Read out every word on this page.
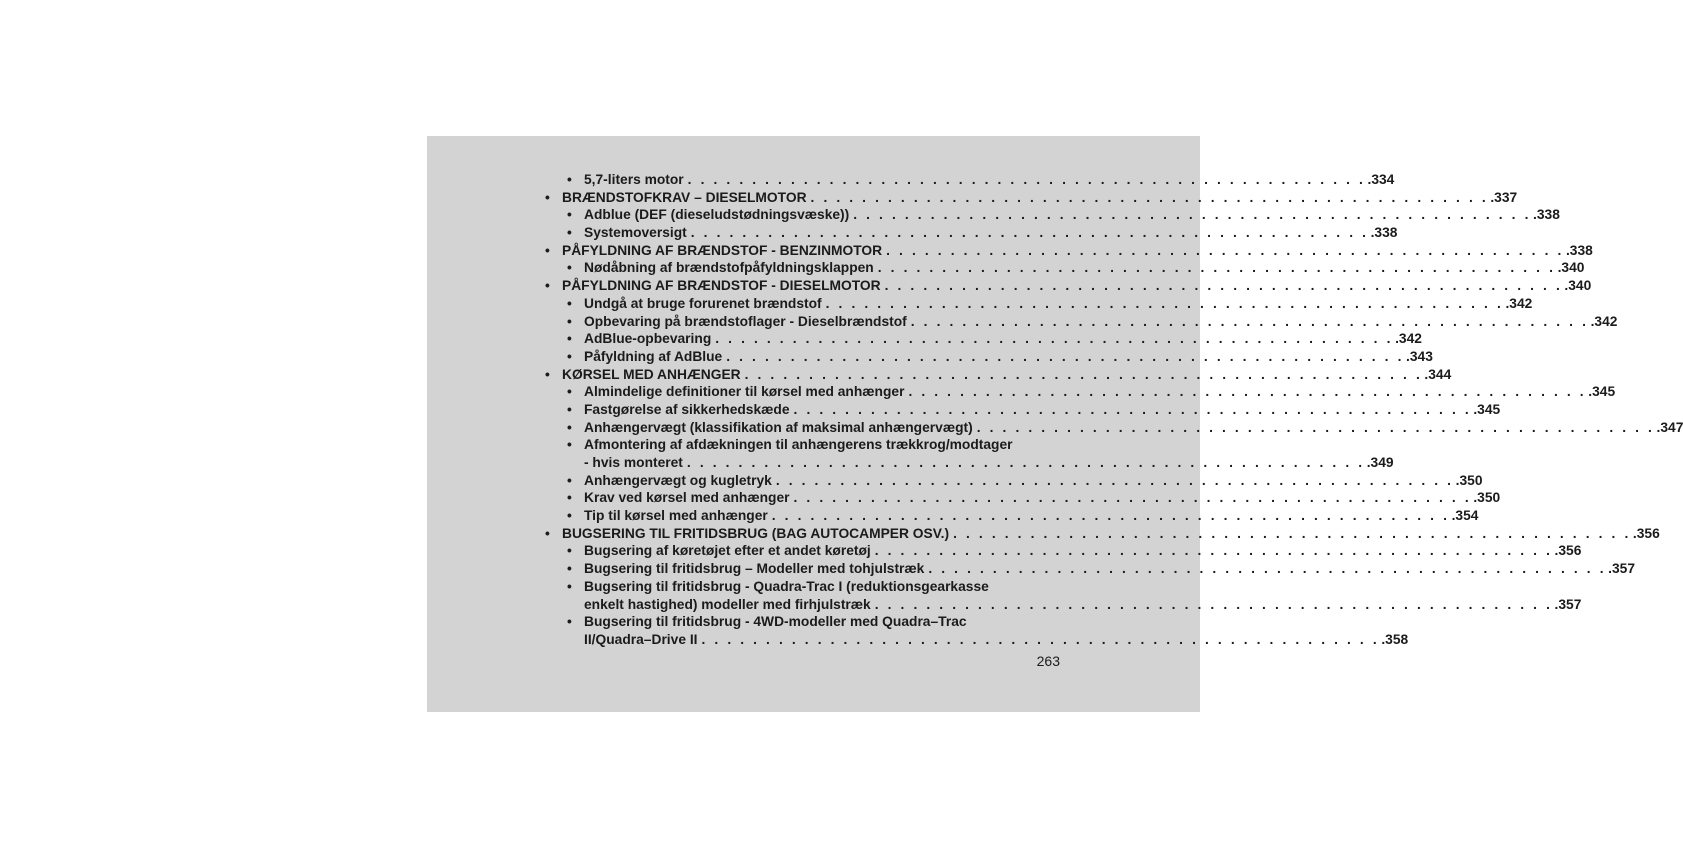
• 5,7-liters motor . . . . . . . . . . . . . . . . . . . . . . . . . . . . . . . . . . . . . . . . . . . . . . . . . . . . . .334
• BRÆNDSTOFKRAV – DIESELMOTOR . . . . . . . . . . . . . . . . . . . . . . . . . . . . . . . . . . . . . . . . . . . . . . . . . . . . . .337
• Adblue (DEF (dieseludstødningsvæske)) . . . . . . . . . . . . . . . . . . . . . . . . . . . . . . . . . . . . . . . . . . . . . . . . . . . . . .338
• Systemoversigt . . . . . . . . . . . . . . . . . . . . . . . . . . . . . . . . . . . . . . . . . . . . . . . . . . . . . .338
• PÅFYLDNING AF BRÆNDSTOF - BENZINMOTOR . . . . . . . . . . . . . . . . . . . . . . . . . . . . . . . . . . . . . . . . . . . . . . . . . . . . . .338
• Nødåbning af brændstofpåfyldningsklappen . . . . . . . . . . . . . . . . . . . . . . . . . . . . . . . . . . . . . . . . . . . . . . . . . . . . . .340
• PÅFYLDNING AF BRÆNDSTOF - DIESELMOTOR . . . . . . . . . . . . . . . . . . . . . . . . . . . . . . . . . . . . . . . . . . . . . . . . . . . . . .340
• Undgå at bruge forurenet brændstof . . . . . . . . . . . . . . . . . . . . . . . . . . . . . . . . . . . . . . . . . . . . . . . . . . . . . .342
• Opbevaring på brændstoflager - Dieselbrændstof . . . . . . . . . . . . . . . . . . . . . . . . . . . . . . . . . . . . . . . . . . . . . . . . . . . . . .342
• AdBlue-opbevaring . . . . . . . . . . . . . . . . . . . . . . . . . . . . . . . . . . . . . . . . . . . . . . . . . . . . . .342
• Påfyldning af AdBlue . . . . . . . . . . . . . . . . . . . . . . . . . . . . . . . . . . . . . . . . . . . . . . . . . . . . . .343
• KØRSEL MED ANHÆNGER . . . . . . . . . . . . . . . . . . . . . . . . . . . . . . . . . . . . . . . . . . . . . . . . . . . . . .344
• Almindelige definitioner til kørsel med anhænger . . . . . . . . . . . . . . . . . . . . . . . . . . . . . . . . . . . . . . . . . . . . . . . . . . . . . .345
• Fastgørelse af sikkerhedskæde . . . . . . . . . . . . . . . . . . . . . . . . . . . . . . . . . . . . . . . . . . . . . . . . . . . . . .345
• Anhængervægt (klassifikation af maksimal anhængervægt) . . . . . . . . . . . . . . . . . . . . . . . . . . . . . . . . . . . . . . . . . . . . . . . . . . . . . .347
• Afmontering af afdækningen til anhængerens trækkrog/modtager
- hvis monteret . . . . . . . . . . . . . . . . . . . . . . . . . . . . . . . . . . . . . . . . . . . . . . . . . . . . . .349
• Anhængervægt og kugletryk . . . . . . . . . . . . . . . . . . . . . . . . . . . . . . . . . . . . . . . . . . . . . . . . . . . . . .350
• Krav ved kørsel med anhænger . . . . . . . . . . . . . . . . . . . . . . . . . . . . . . . . . . . . . . . . . . . . . . . . . . . . . .350
• Tip til kørsel med anhænger . . . . . . . . . . . . . . . . . . . . . . . . . . . . . . . . . . . . . . . . . . . . . . . . . . . . . .354
• BUGSERING TIL FRITIDSBRUG (BAG AUTOCAMPER OSV.) . . . . . . . . . . . . . . . . . . . . . . . . . . . . . . . . . . . . . . . . . . . . . . . . . . . . . .356
• Bugsering af køretøjet efter et andet køretøj . . . . . . . . . . . . . . . . . . . . . . . . . . . . . . . . . . . . . . . . . . . . . . . . . . . . . .356
• Bugsering til fritidsbrug – Modeller med tohjulstræk . . . . . . . . . . . . . . . . . . . . . . . . . . . . . . . . . . . . . . . . . . . . . . . . . . . . . .357
• Bugsering til fritidsbrug - Quadra-Trac I (reduktionsgearkasse
enkelt hastighed) modeller med firhjulstræk . . . . . . . . . . . . . . . . . . . . . . . . . . . . . . . . . . . . . . . . . . . . . . . . . . . . . .357
• Bugsering til fritidsbrug - 4WD-modeller med Quadra–Trac
II/Quadra–Drive II . . . . . . . . . . . . . . . . . . . . . . . . . . . . . . . . . . . . . . . . . . . . . . . . . . . . . .358
263
